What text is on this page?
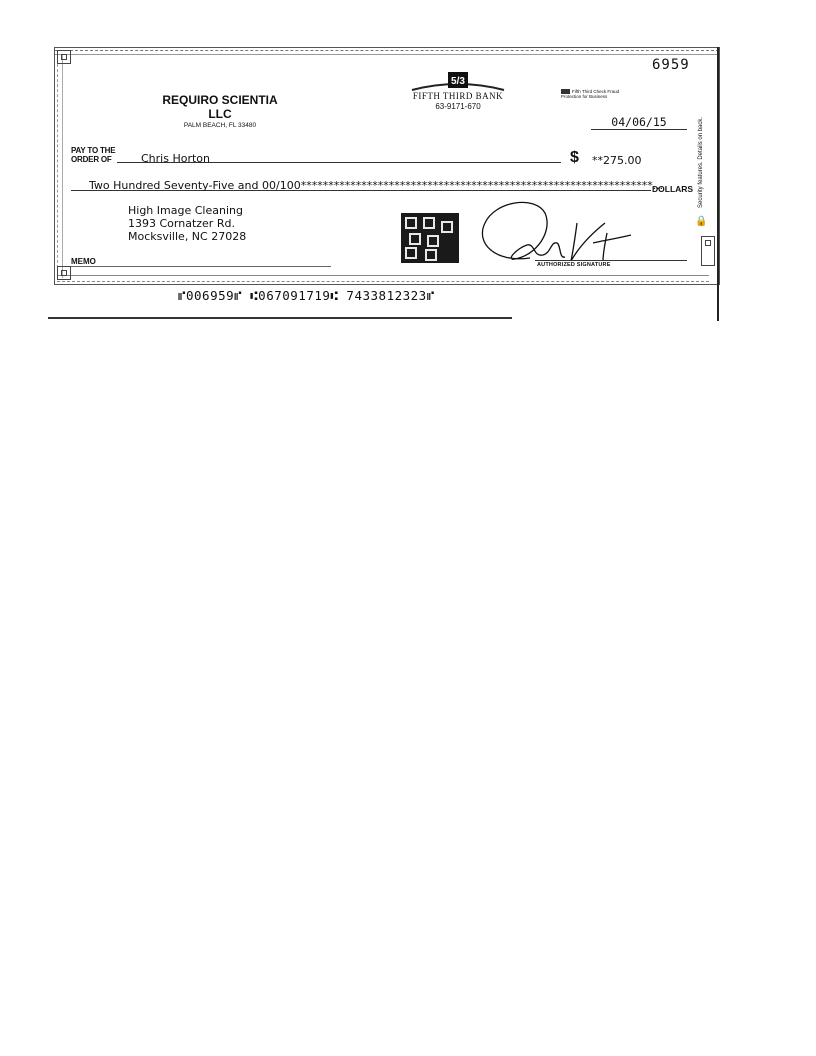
6959
REQUIRO SCIENTIA LLC
PALM BEACH, FL 33480
5/3
FIFTH THIRD BANK
63-9171-670
Fifth Third Check Fraud Protection for Business
04/06/15
PAY TO THE
ORDER OF	Chris Horton	$ **275.00
Two Hundred Seventy-Five and 00/100****************************************************************...
DOLLARS Security features. Details on back.
🔒
High Image Cleaning
1393 Cornatzer Rd.
Mocksville, NC 27028
MEMO	AUTHORIZED SIGNATURE
⑈006959⑈ ⑆067091719⑆ 7433812323⑈
